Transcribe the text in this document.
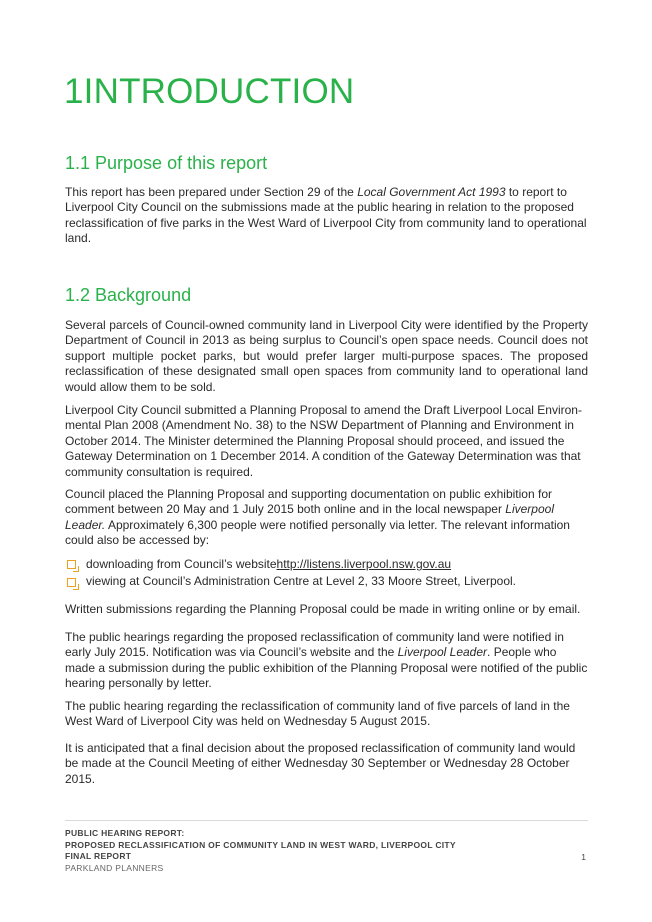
1INTRODUCTION
1.1 Purpose of this report

This report has been prepared under Section 29 of the Local Government Act 1993 to report to Liverpool City Council on the submissions made at the public hearing in relation to the proposed reclassification of five parks in the West Ward of Liverpool City from community land to operational land.

1.2 Background

Several parcels of Council-owned community land in Liverpool City were identified by the Property Department of Council in 2013 as being surplus to Council’s open space needs. Council does not support multiple pocket parks, but would prefer larger multi-purpose spaces. The proposed reclassification of these designated small open spaces from community land to operational land would allow them to be sold.

Liverpool City Council submitted a Planning Proposal to amend the Draft Liverpool Local Environ-mental Plan 2008 (Amendment No. 38) to the NSW Department of Planning and Environment in October 2014. The Minister determined the Planning Proposal should proceed, and issued the Gateway Determination on 1 December 2014. A condition of the Gateway Determination was that community consultation is required.

Council placed the Planning Proposal and supporting documentation on public exhibition for comment between 20 May and 1 July 2015 both online and in the local newspaper Liverpool Leader. Approximately 6,300 people were notified personally via letter. The relevant information could also be accessed by:

downloading from Council’s website http://listens.liverpool.nsw.gov.au
viewing at Council’s Administration Centre at Level 2, 33 Moore Street, Liverpool.

Written submissions regarding the Planning Proposal could be made in writing online or by email.

The public hearings regarding the proposed reclassification of community land were notified in early July 2015. Notification was via Council’s website and the Liverpool Leader. People who made a submission during the public exhibition of the Planning Proposal were notified of the public hearing personally by letter.

The public hearing regarding the reclassification of community land of five parcels of land in the West Ward of Liverpool City was held on Wednesday 5 August 2015.

It is anticipated that a final decision about the proposed reclassification of community land would be made at the Council Meeting of either Wednesday 30 September or Wednesday 28 October 2015.

PUBLIC HEARING REPORT:
PROPOSED RECLASSIFICATION OF COMMUNITY LAND IN WEST WARD, LIVERPOOL CITY
FINAL REPORT
PARKLAND PLANNERS
1
